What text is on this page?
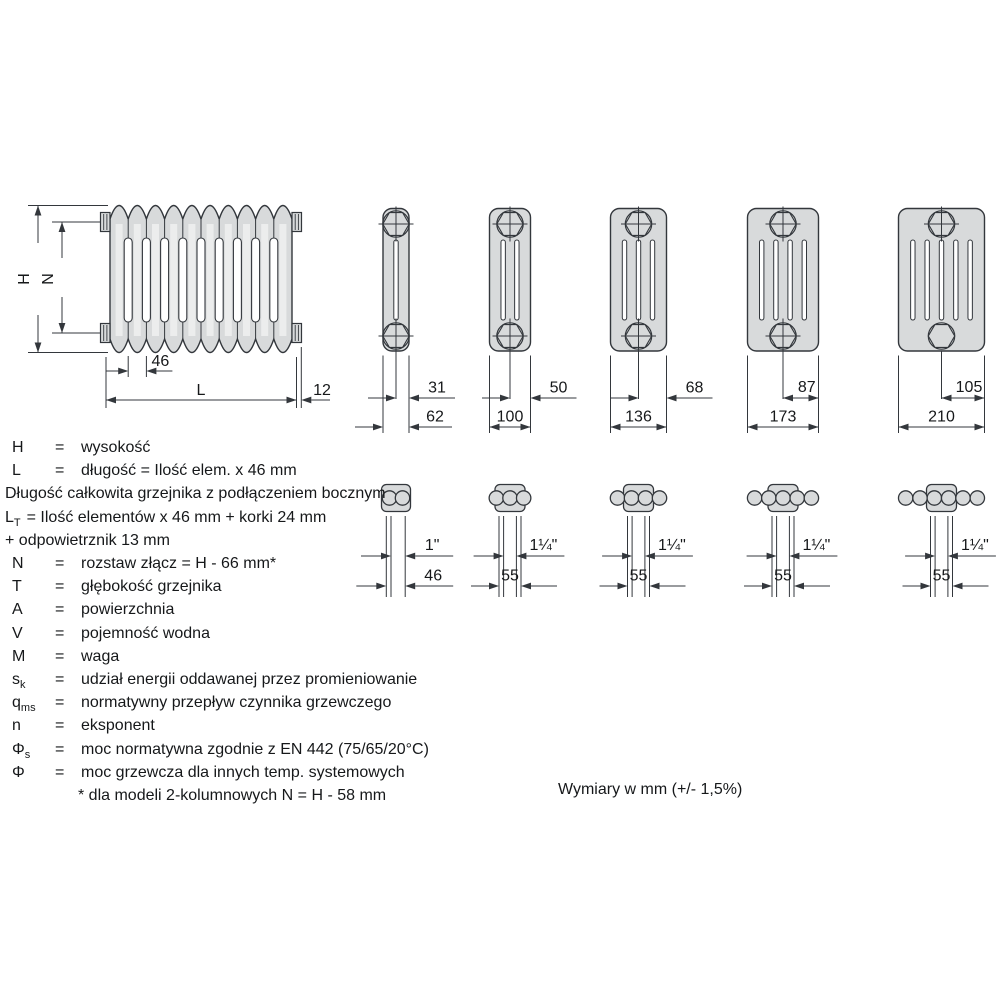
H N
46
L	12	31
62
1"
46
50
100
1¼"
55
68
136
1¼"
55
87
173
1¼"
55
105
210
1¼"
55
H	=	wysokość
L	=	długość = Ilość elem. x 46 mm
Długość całkowita grzejnika z podłączeniem bocznym
$L_T$ = Ilość elementów x 46 mm + korki 24 mm
+ odpowietrznik 13 mm
N	=	rozstaw złącz = H - 66 mm*
T	=	głębokość grzejnika
A	=	powierzchnia
V	=	pojemność wodna
M	=	waga
$s_k$	=	udział energii oddawanej przez promieniowanie
$q_{ms}$	=	normatywny przepływ czynnika grzewczego
n	=	eksponent
$\Phi_s$	=	moc normatywna zgodnie z EN 442 (75/65/20°C)
Φ	=	moc grzewcza dla innych temp. systemowych
* dla modeli 2-kolumnowych N = H - 58 mm	Wymiary w mm (+/- 1,5%)
